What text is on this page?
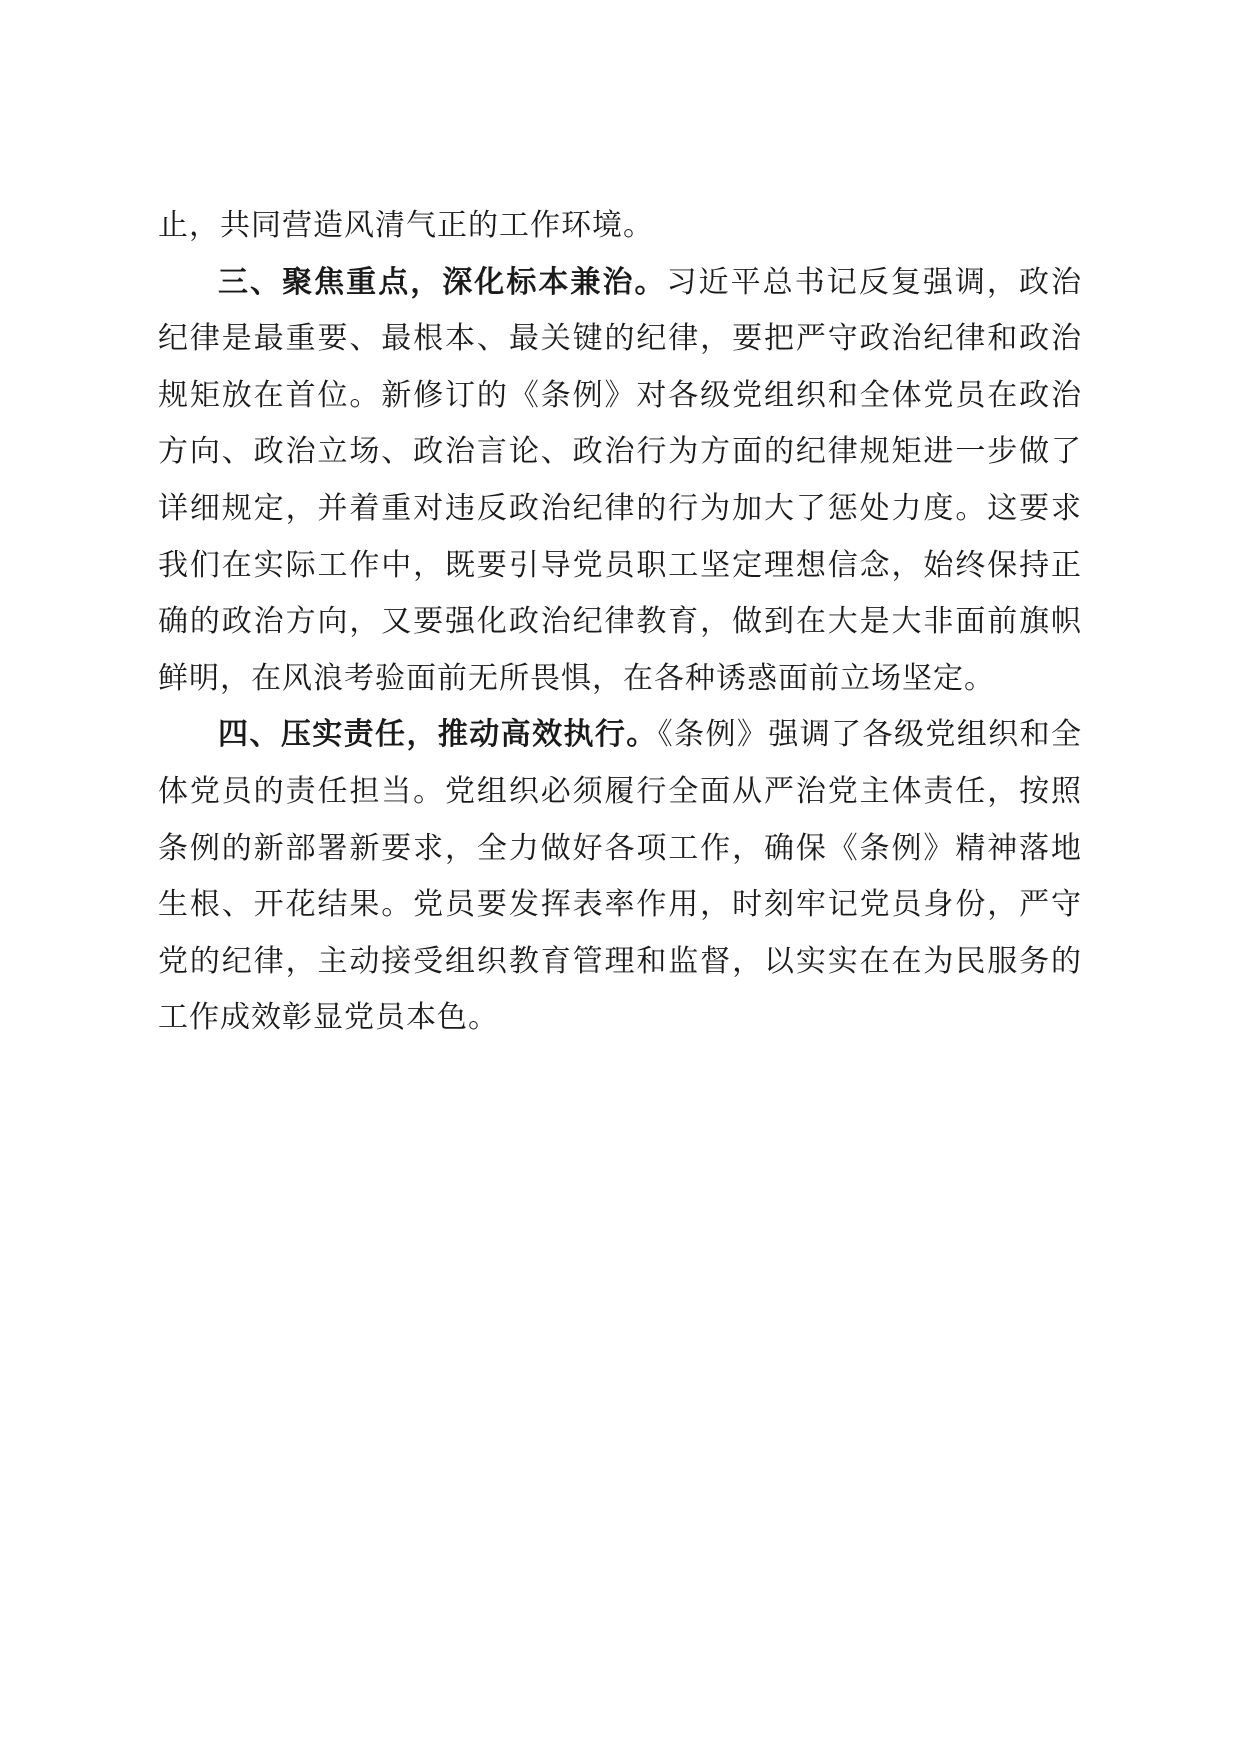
止，共同营造风清气正的工作环境。

三、聚焦重点，深化标本兼治。习近平总书记反复强调，政治纪律是最重要、最根本、最关键的纪律，要把严守政治纪律和政治规矩放在首位。新修订的《条例》对各级党组织和全体党员在政治方向、政治立场、政治言论、政治行为方面的纪律规矩进一步做了详细规定，并着重对违反政治纪律的行为加大了惩处力度。这要求我们在实际工作中，既要引导党员职工坚定理想信念，始终保持正确的政治方向，又要强化政治纪律教育，做到在大是大非面前旗帜鲜明，在风浪考验面前无所畏惧，在各种诱惑面前立场坚定。

四、压实责任，推动高效执行。《条例》强调了各级党组织和全体党员的责任担当。党组织必须履行全面从严治党主体责任，按照条例的新部署新要求，全力做好各项工作，确保《条例》精神落地生根、开花结果。党员要发挥表率作用，时刻牢记党员身份，严守党的纪律，主动接受组织教育管理和监督，以实实在在为民服务的工作成效彰显党员本色。
